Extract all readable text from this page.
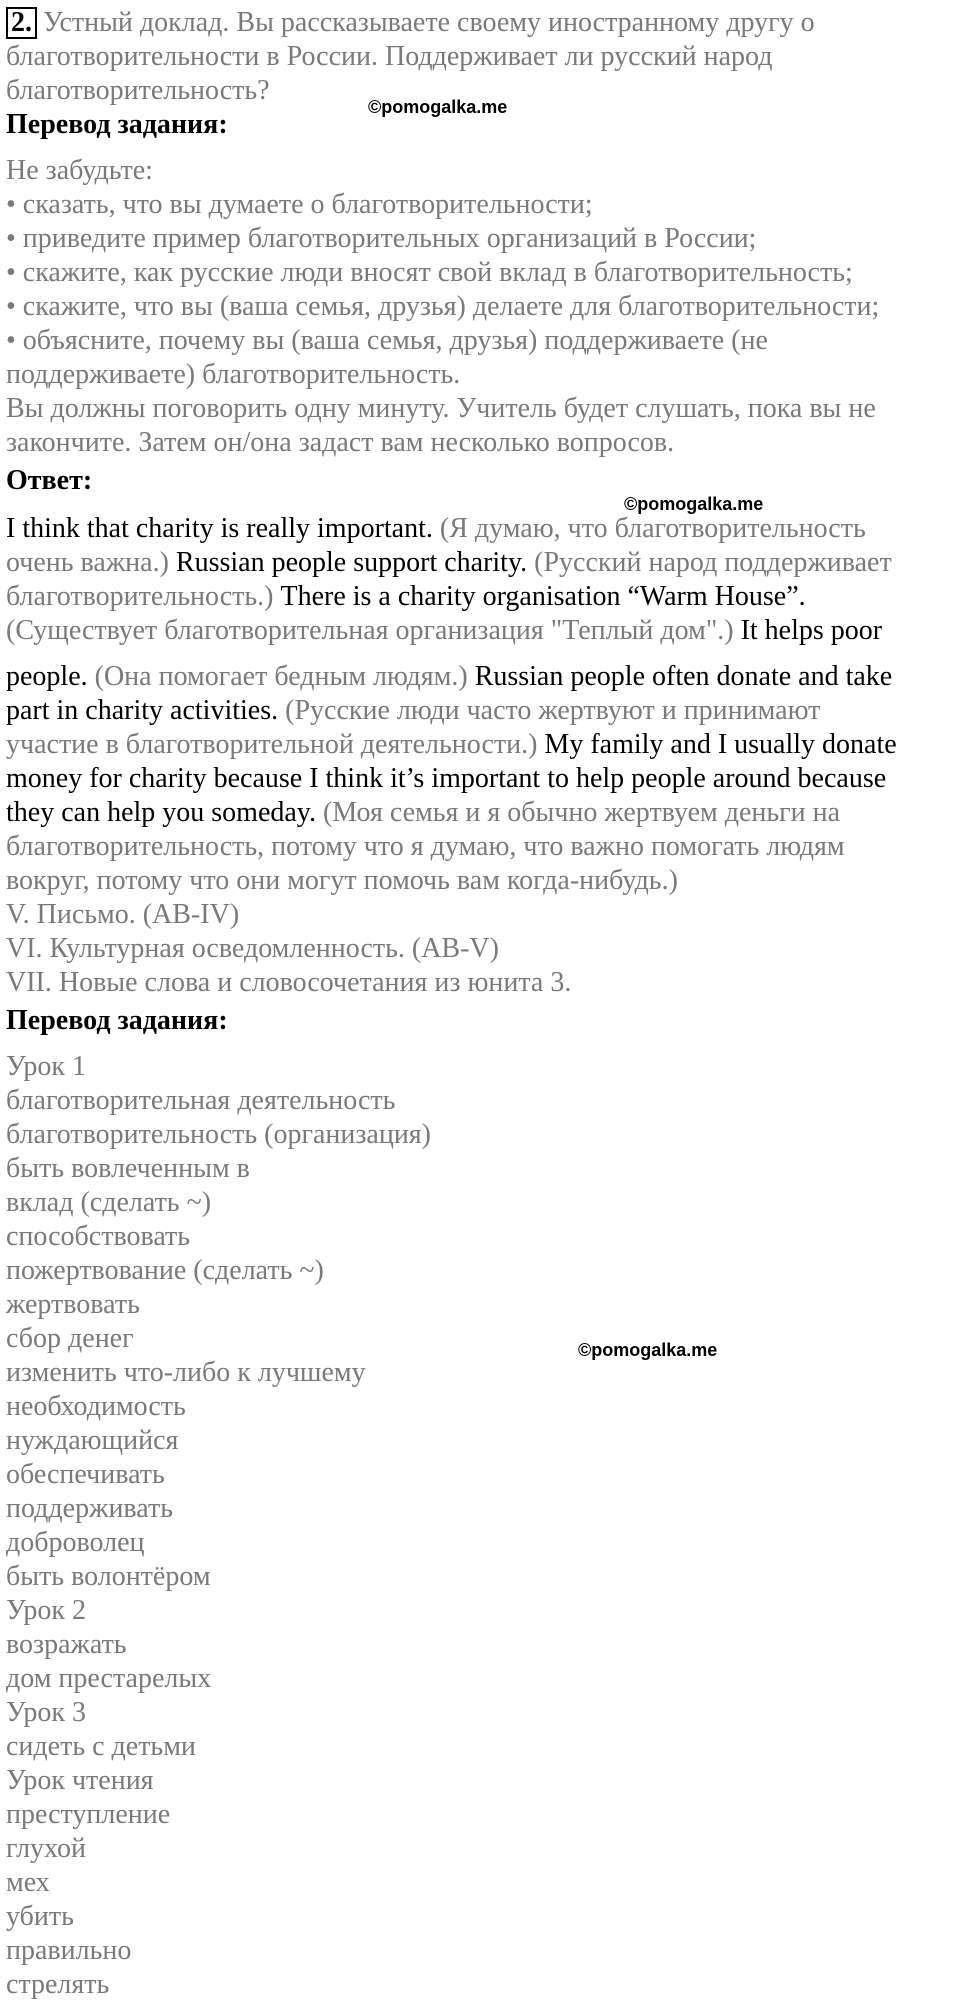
2. Устный доклад. Вы рассказываете своему иностранному другу о
благотворительности в России. Поддерживает ли русский народ
благотворительность?
©pomogalka.me
Перевод задания:
Не забудьте:
• сказать, что вы думаете о благотворительности;
• приведите пример благотворительных организаций в России;
• скажите, как русские люди вносят свой вклад в благотворительность;
• скажите, что вы (ваша семья, друзья) делаете для благотворительности;
• объясните, почему вы (ваша семья, друзья) поддерживаете (не
поддерживаете) благотворительность.
Вы должны поговорить одну минуту. Учитель будет слушать, пока вы не
закончите. Затем он/она задаст вам несколько вопросов.
Ответ:
©pomogalka.me
I think that charity is really important. (Я думаю, что благотворительность
очень важна.) Russian people support charity. (Русский народ поддерживает
благотворительность.) There is a charity organisation “Warm House”.
(Существует благотворительная организация "Теплый дом".) It helps poor
people. (Она помогает бедным людям.) Russian people often donate and take
part in charity activities. (Русские люди часто жертвуют и принимают
участие в благотворительной деятельности.) My family and I usually donate
money for charity because I think it’s important to help people around because
they can help you someday. (Моя семья и я обычно жертвуем деньги на
благотворительность, потому что я думаю, что важно помогать людям
вокруг, потому что они могут помочь вам когда-нибудь.)
V. Письмо. (AB-IV)
VI. Культурная осведомленность. (AB-V)
VII. Новые слова и словосочетания из юнита 3.
Перевод задания:
Урок 1
благотворительная деятельность
благотворительность (организация)
быть вовлеченным в
вклад (сделать ~)
способствовать
пожертвование (сделать ~)
жертвовать
сбор денег	©pomogalka.me
изменить что-либо к лучшему
необходимость
нуждающийся
обеспечивать
поддерживать
доброволец
быть волонтёром
Урок 2
возражать
дом престарелых
Урок 3
сидеть с детьми
Урок чтения
преступление
глухой
мех
убить
правильно
стрелять
